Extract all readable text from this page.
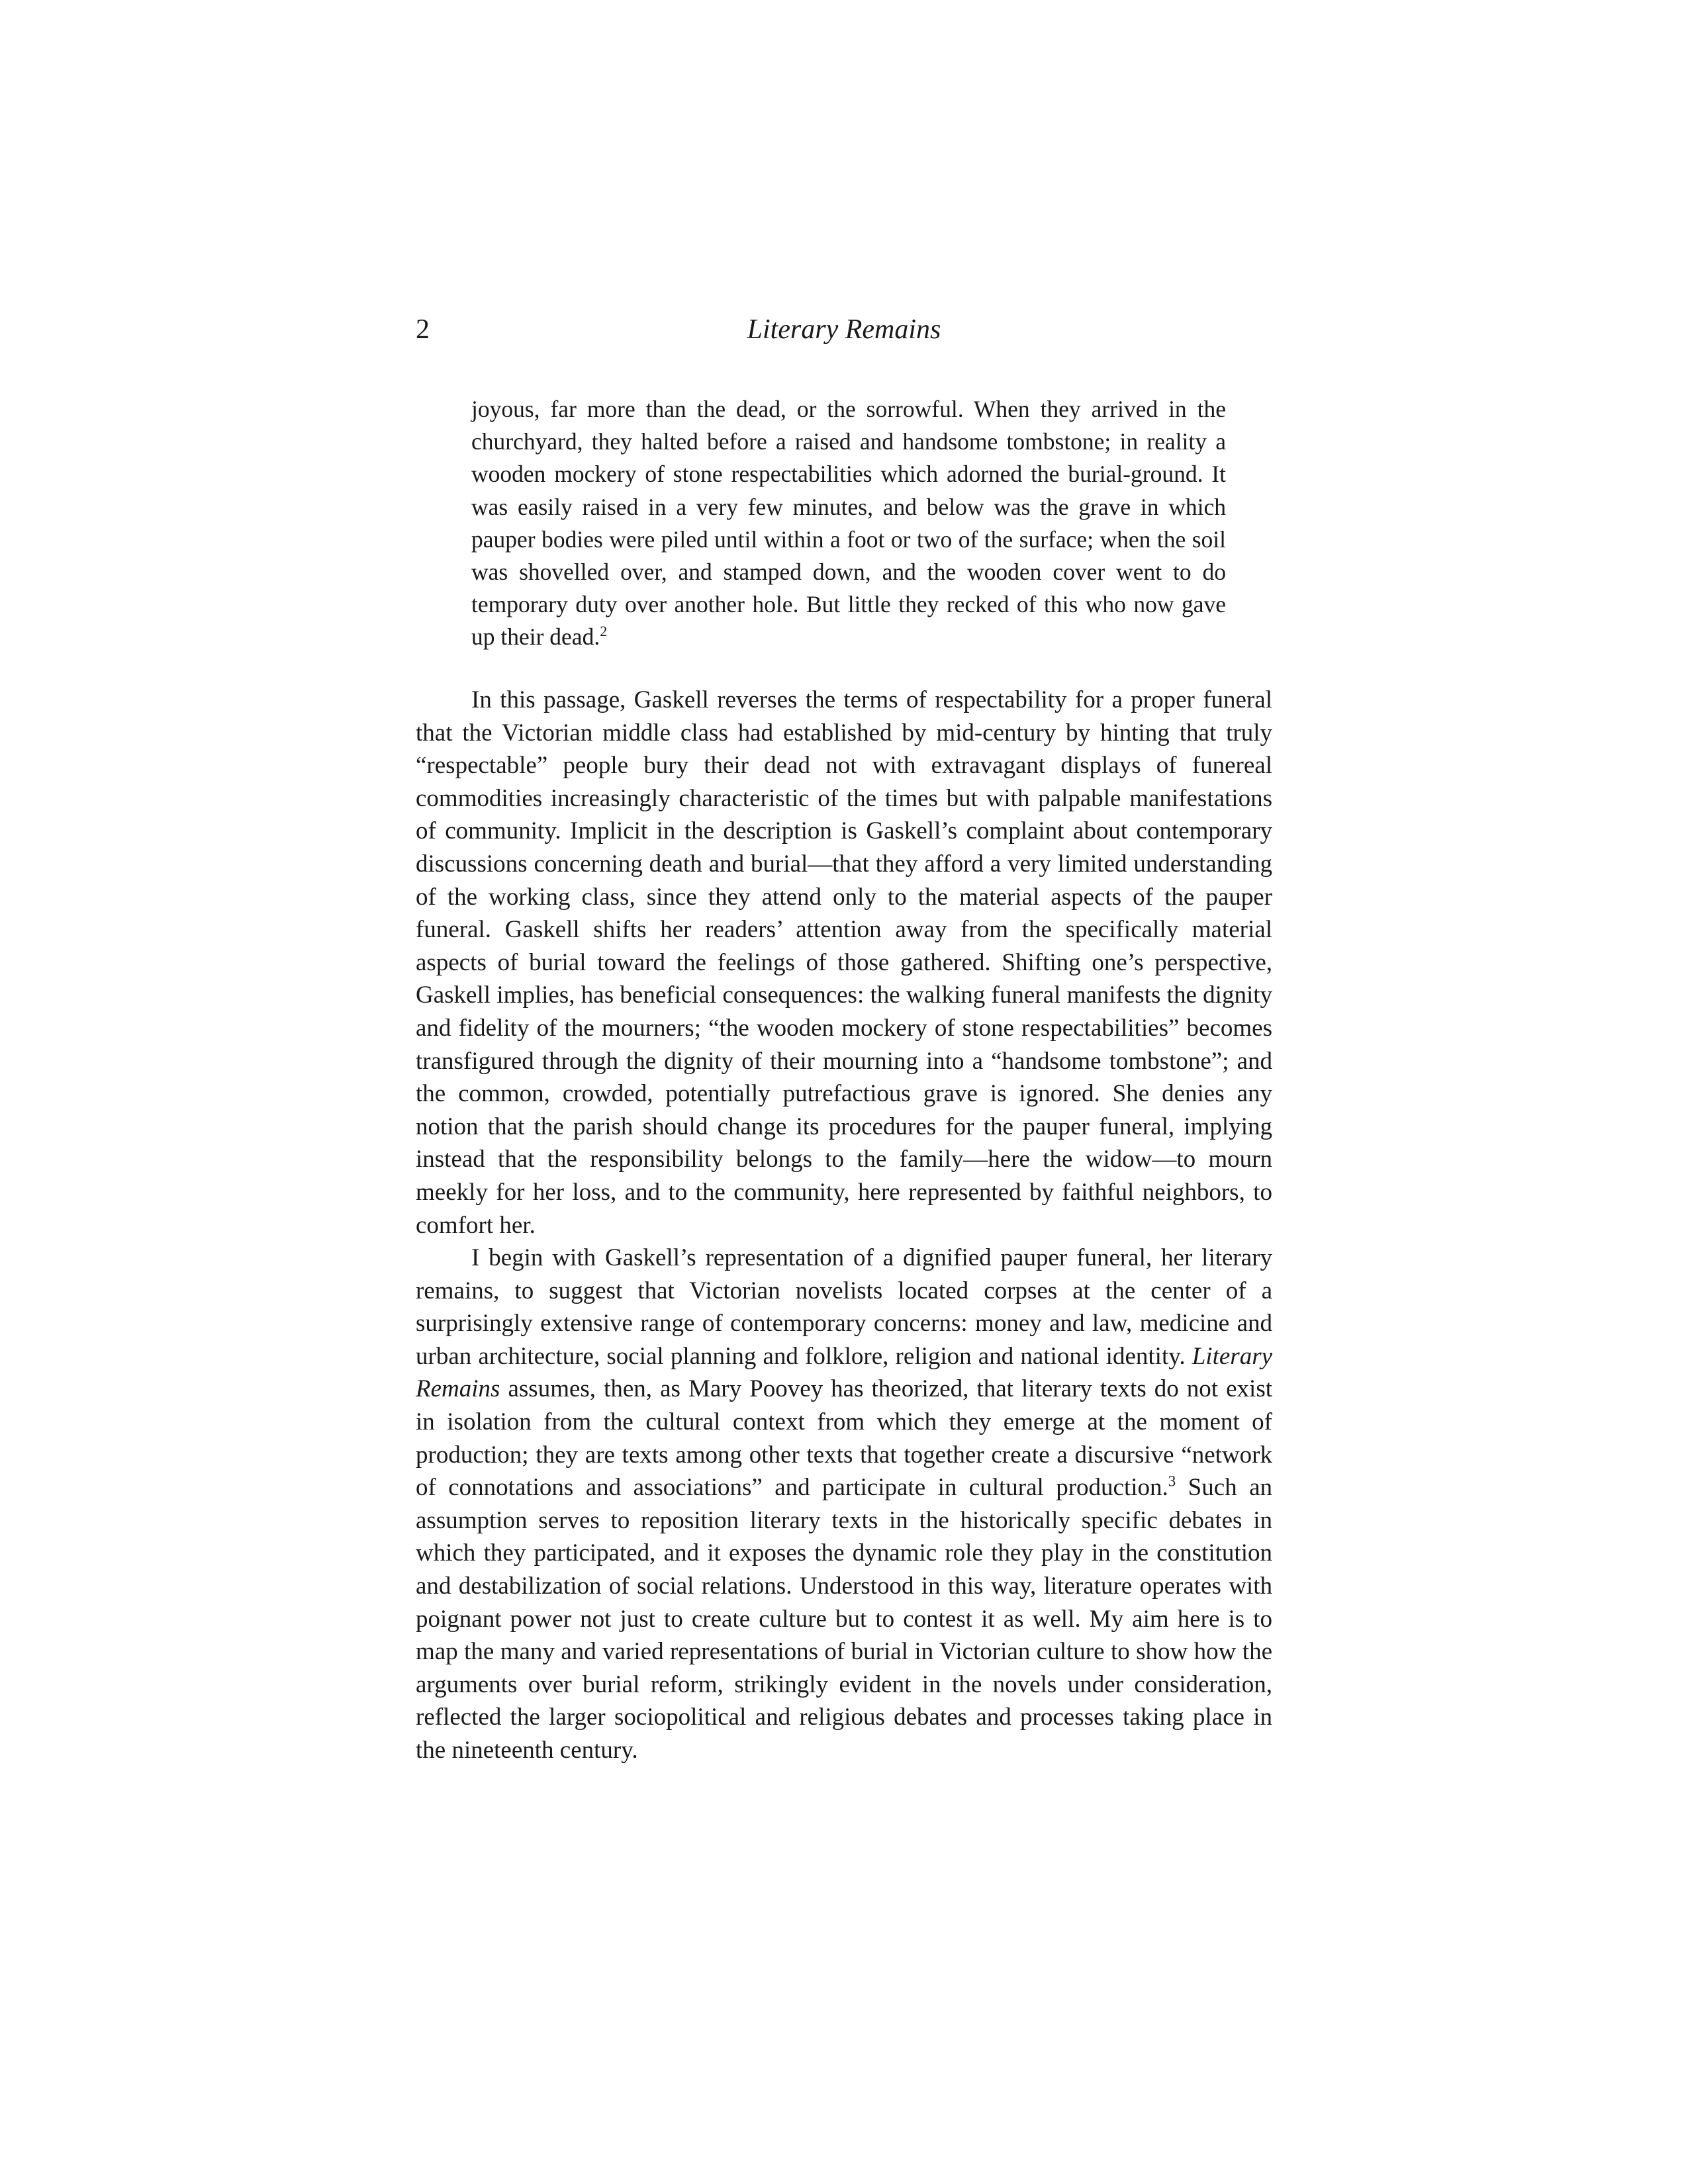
2	Literary Remains

joyous, far more than the dead, or the sorrowful. When they arrived in the churchyard, they halted before a raised and handsome tombstone; in reality a wooden mockery of stone respectabilities which adorned the burial-ground. It was easily raised in a very few minutes, and below was the grave in which pauper bodies were piled until within a foot or two of the surface; when the soil was shovelled over, and stamped down, and the wooden cover went to do temporary duty over another hole. But little they recked of this who now gave up their dead.$^2$

In this passage, Gaskell reverses the terms of respectability for a proper funeral that the Victorian middle class had established by mid-century by hinting that truly “respectable” people bury their dead not with extravagant displays of funereal commodities increasingly characteristic of the times but with palpable manifestations of community. Implicit in the description is Gaskell’s complaint about contemporary discussions concerning death and burial—that they afford a very limited understanding of the working class, since they attend only to the material aspects of the pauper funeral. Gaskell shifts her readers’ attention away from the specifically material aspects of burial toward the feelings of those gathered. Shifting one’s perspective, Gaskell implies, has beneficial consequences: the walking funeral manifests the dignity and fidelity of the mourners; “the wooden mockery of stone respectabilities” becomes transfigured through the dignity of their mourning into a “handsome tombstone”; and the common, crowded, potentially putrefactious grave is ignored. She denies any notion that the parish should change its procedures for the pauper funeral, implying instead that the responsibility belongs to the family—here the widow—to mourn meekly for her loss, and to the community, here represented by faithful neighbors, to comfort her.

I begin with Gaskell’s representation of a dignified pauper funeral, her literary remains, to suggest that Victorian novelists located corpses at the center of a surprisingly extensive range of contemporary concerns: money and law, medicine and urban architecture, social planning and folklore, religion and national identity. Literary Remains assumes, then, as Mary Poovey has theorized, that literary texts do not exist in isolation from the cultural context from which they emerge at the moment of production; they are texts among other texts that together create a discursive “network of connotations and associations” and participate in cultural production.$^3$ Such an assumption serves to reposition literary texts in the historically specific debates in which they participated, and it exposes the dynamic role they play in the constitution and destabilization of social relations. Understood in this way, literature operates with poignant power not just to create culture but to contest it as well. My aim here is to map the many and varied representations of burial in Victorian culture to show how the arguments over burial reform, strikingly evident in the novels under consideration, reflected the larger sociopolitical and religious debates and processes taking place in the nineteenth century.
